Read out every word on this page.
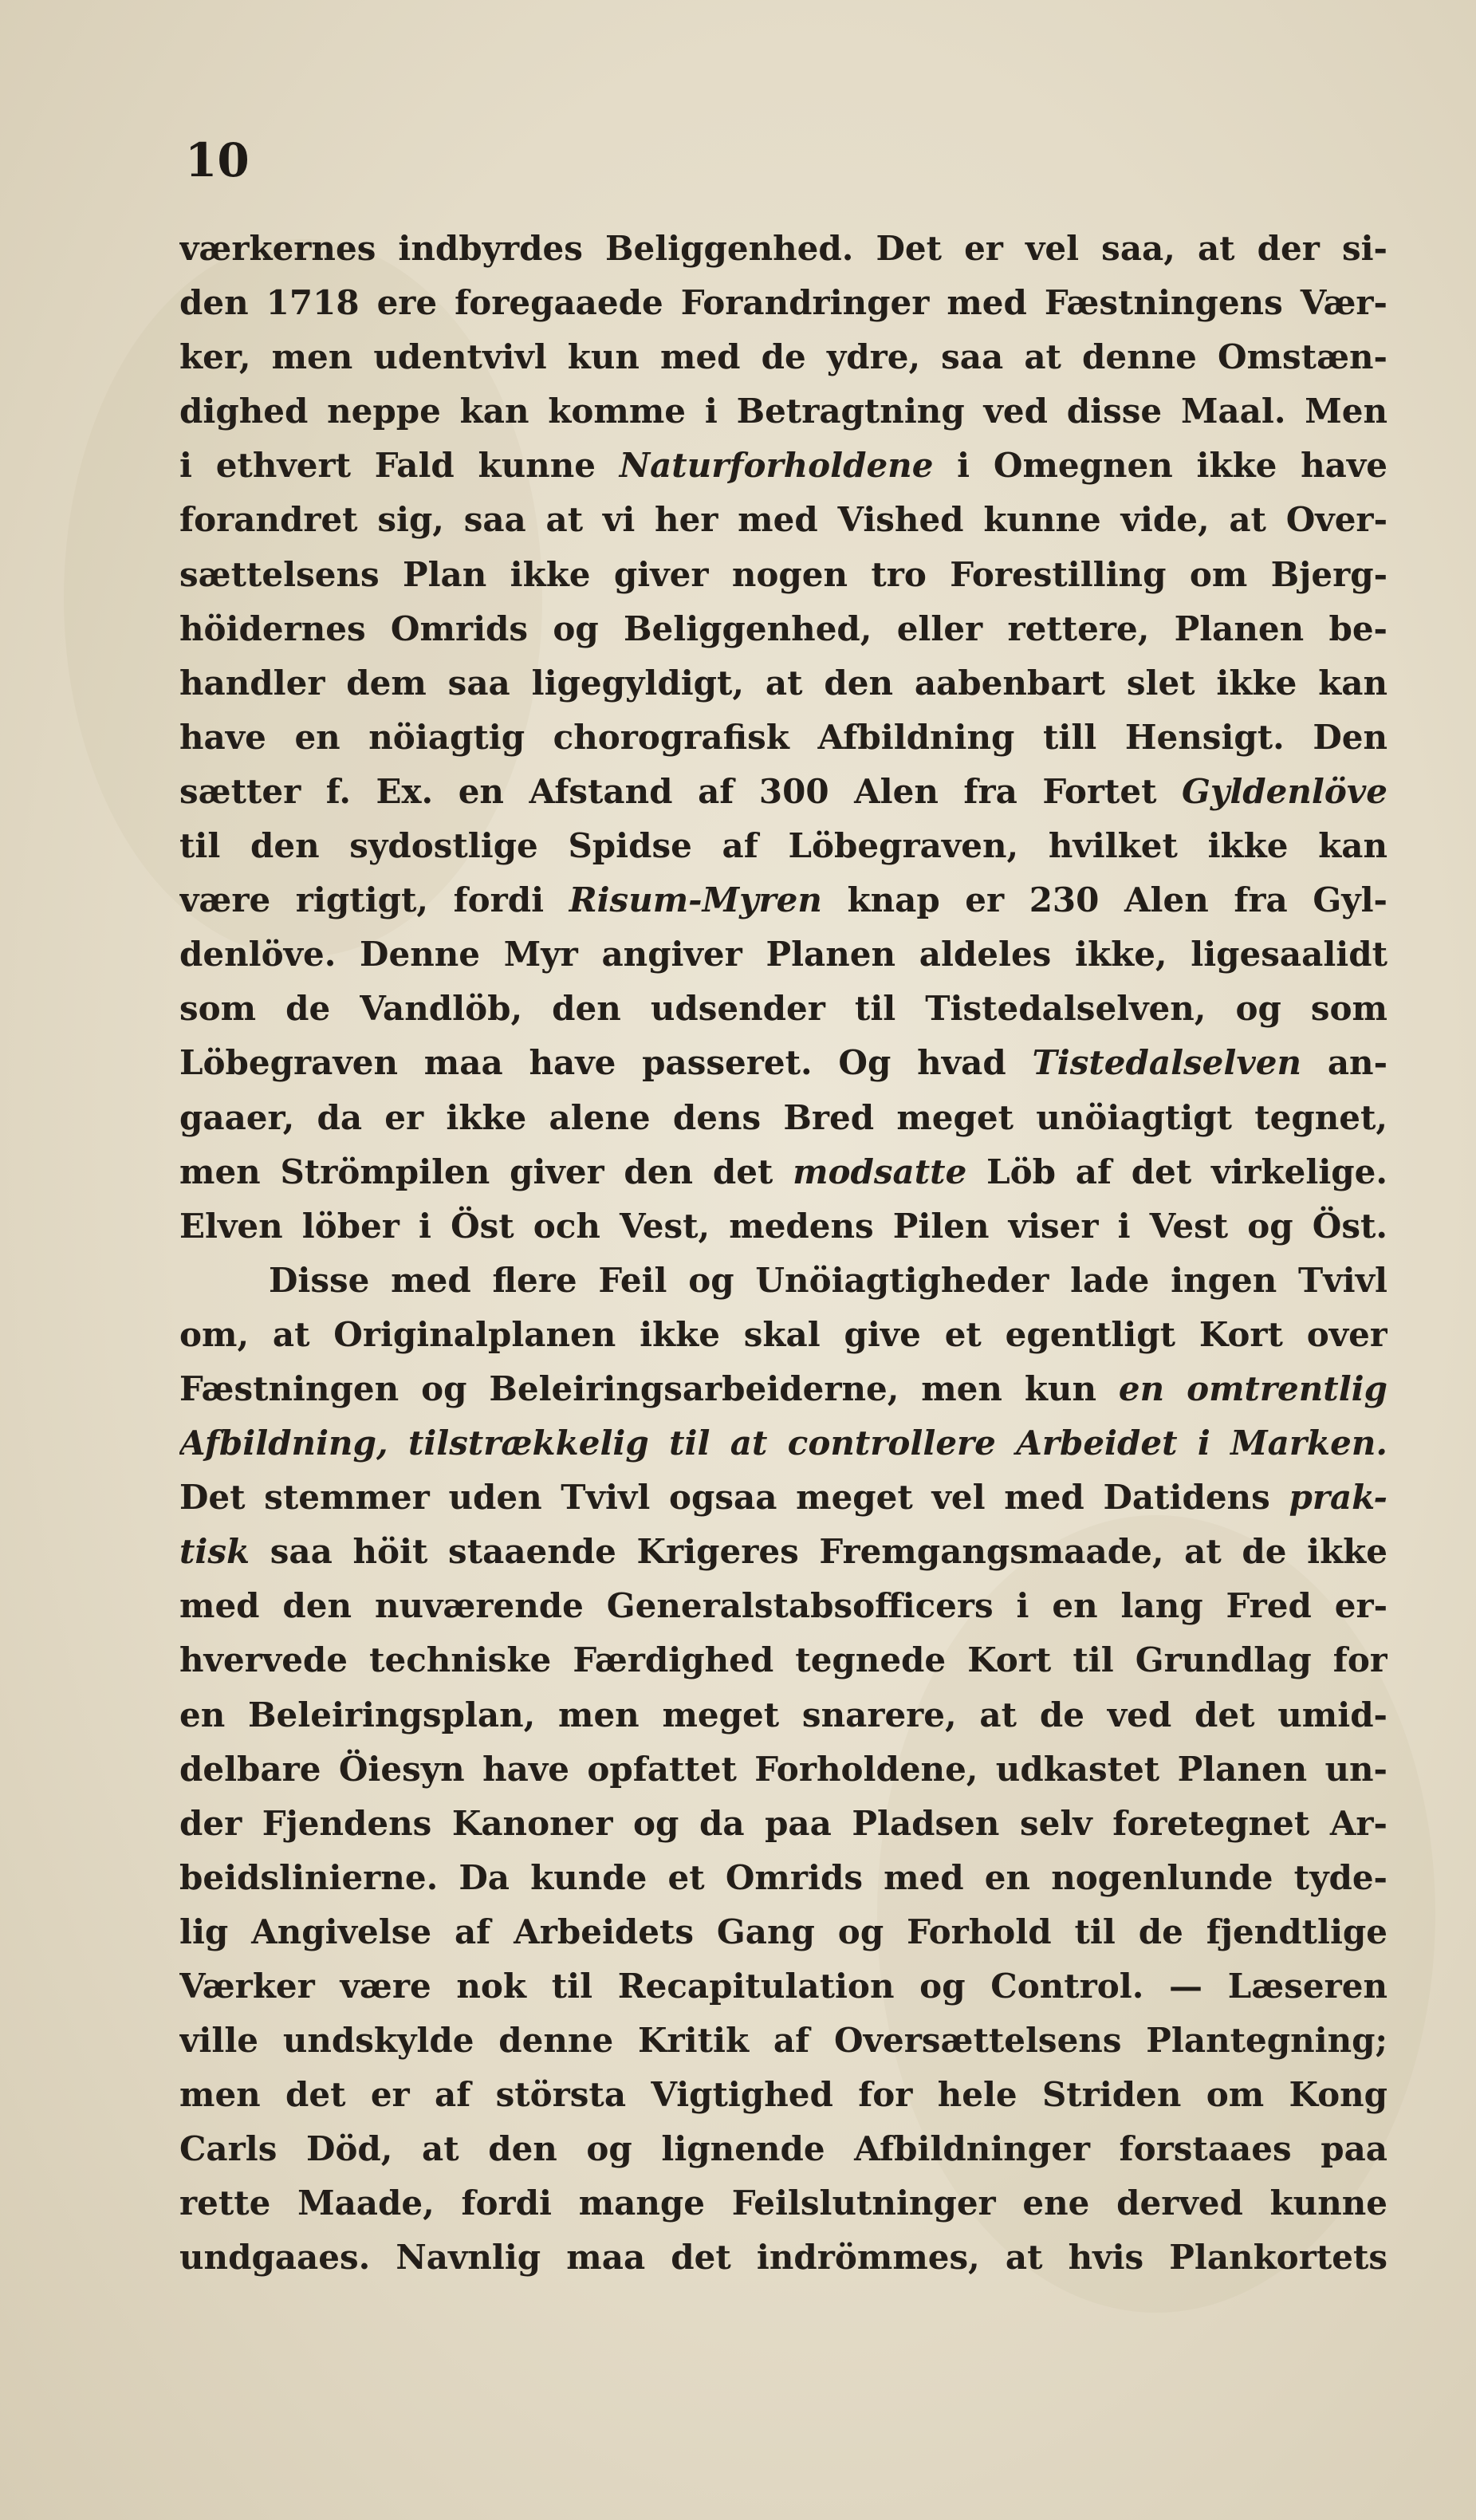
10
værkernes indbyrdes Beliggenhed. Det er vel saa, at der si-
den 1718 ere foregaaede Forandringer med Fæstningens Vær-
ker, men udentvivl kun med de ydre, saa at denne Omstæn-
dighed neppe kan komme i Betragtning ved disse Maal. Men
i ethvert Fald kunne Naturforholdene i Omegnen ikke have
forandret sig, saa at vi her med Vished kunne vide, at Over-
sættelsens Plan ikke giver nogen tro Forestilling om Bjerg-
höidernes Omrids og Beliggenhed, eller rettere, Planen be-
handler dem saa ligegyldigt, at den aabenbart slet ikke kan
have en nöiagtig chorografisk Afbildning till Hensigt. Den
sætter f. Ex. en Afstand af 300 Alen fra Fortet Gyldenlöve
til den sydostlige Spidse af Löbegraven, hvilket ikke kan
være rigtigt, fordi Risum-Myren knap er 230 Alen fra Gyl-
denlöve. Denne Myr angiver Planen aldeles ikke, ligesaalidt
som de Vandlöb, den udsender til Tistedalselven, og som
Löbegraven maa have passeret. Og hvad Tistedalselven an-
gaaer, da er ikke alene dens Bred meget unöiagtigt tegnet,
men Strömpilen giver den det modsatte Löb af det virkelige.
Elven löber i Öst och Vest, medens Pilen viser i Vest og Öst.
Disse med flere Feil og Unöiagtigheder lade ingen Tvivl
om, at Originalplanen ikke skal give et egentligt Kort over
Fæstningen og Beleiringsarbeiderne, men kun en omtrentlig
Afbildning, tilstrækkelig til at controllere Arbeidet i Marken.
Det stemmer uden Tvivl ogsaa meget vel med Datidens prak-
tisk saa höit staaende Krigeres Fremgangsmaade, at de ikke
med den nuværende Generalstabsofficers i en lang Fred er-
hvervede techniske Færdighed tegnede Kort til Grundlag for
en Beleiringsplan, men meget snarere, at de ved det umid-
delbare Öiesyn have opfattet Forholdene, udkastet Planen un-
der Fjendens Kanoner og da paa Pladsen selv foretegnet Ar-
beidslinierne. Da kunde et Omrids med en nogenlunde tyde-
lig Angivelse af Arbeidets Gang og Forhold til de fjendtlige
Værker være nok til Recapitulation og Control. — Læseren
ville undskylde denne Kritik af Oversættelsens Plantegning;
men det er af största Vigtighed for hele Striden om Kong
Carls Död, at den og lignende Afbildninger forstaaes paa
rette Maade, fordi mange Feilslutninger ene derved kunne
undgaaes. Navnlig maa det indrömmes, at hvis Plankortets
